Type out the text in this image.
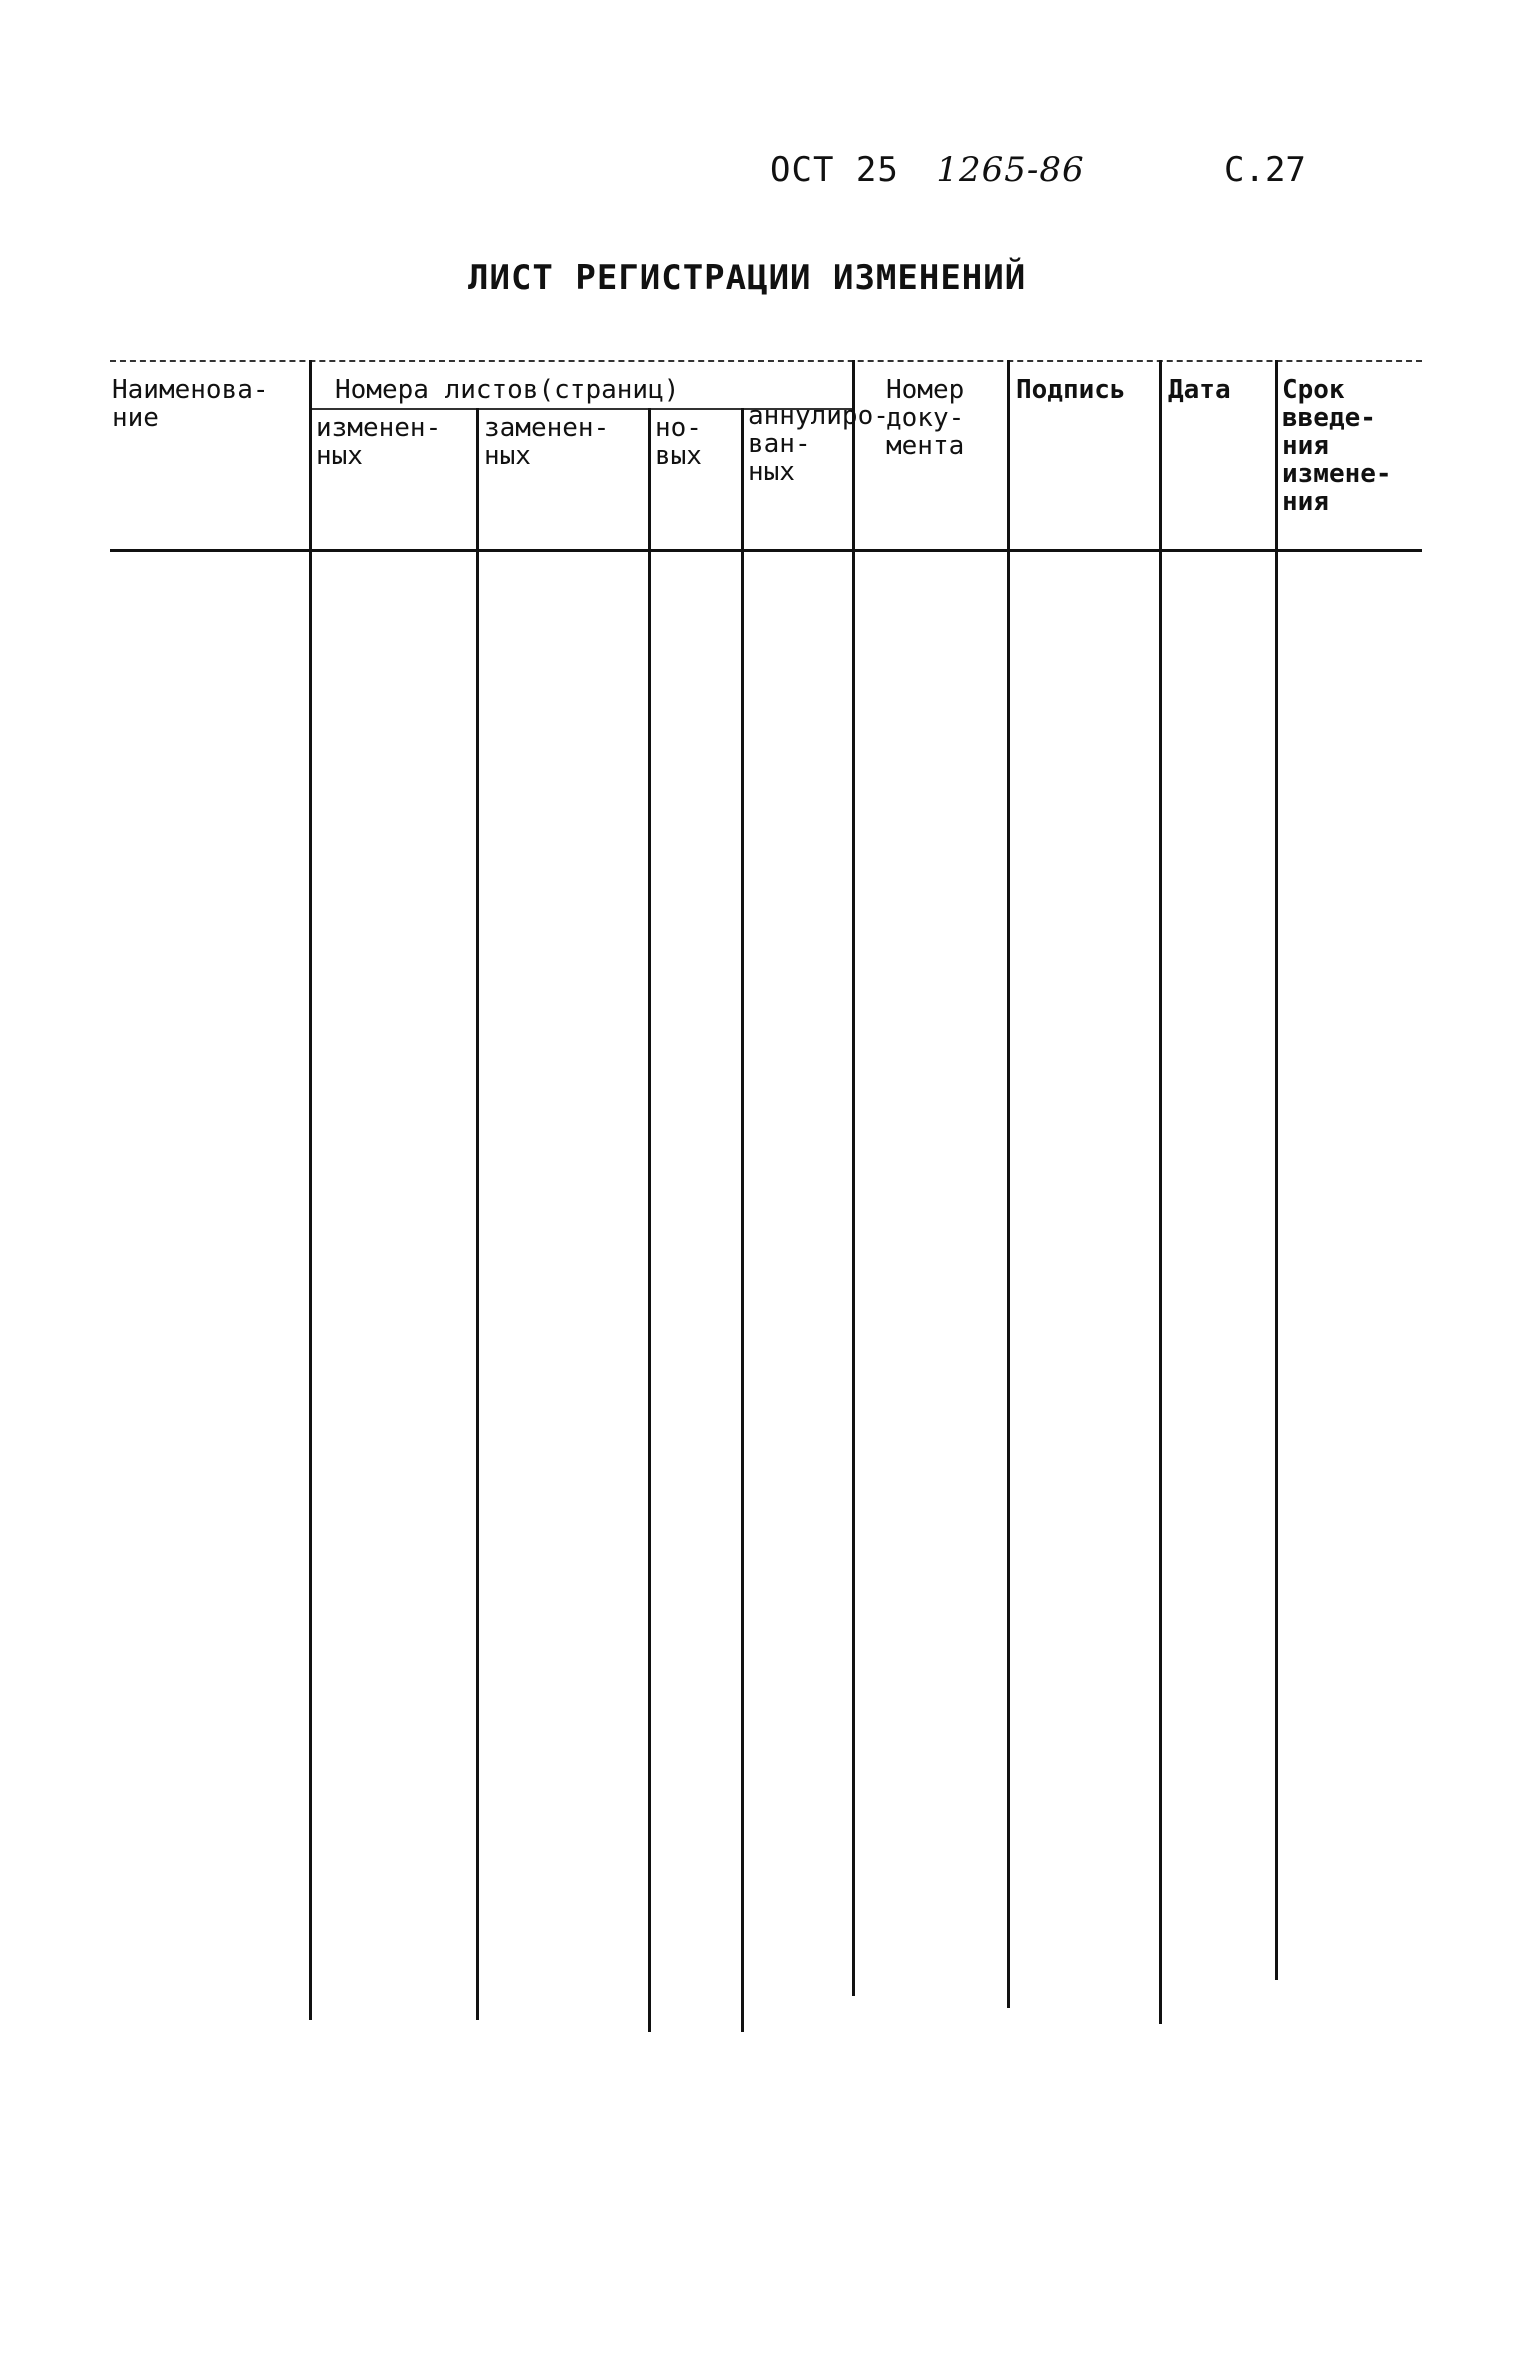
ОСТ 25 1265-86	С.27
ЛИСТ РЕГИСТРАЦИИ ИЗМЕНЕНИЙ
Наименова-
ние
Номера листов(страниц)
изменен-
ных
заменен-
ных
но-
вых
аннулиро-
ван-
ных
Номер
доку-
мента
Подпись Дата Срок
введе-
ния
измене-
ния
